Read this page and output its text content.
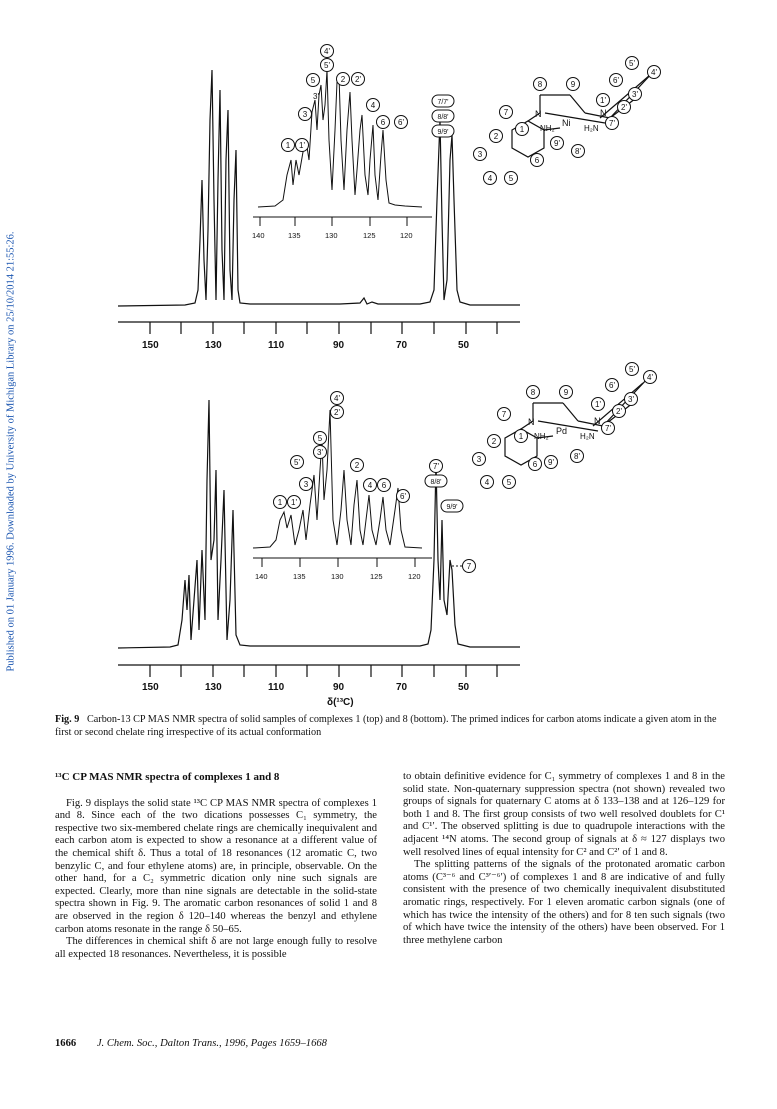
Published on 01 January 1996. Downloaded by University of Michigan Library on 25/10/2014 21:55:26.	150	130	110	90	70	50
140	135	130	125	120
4'
5'
5
3'
2 2'
3
4
6 6'
1 1'
7/7'
8/8'
9/9'
Ni
8	9
5'
4'
6'
3'
1'
2'
7
7'
2
1
3
6
9'
8'
4 5
N	N
NH₂	H₂N
150	130	110	90	70	50
δ(¹³C)
140	135	130	125	120
4'
2'
5
3'
5'	2
3	4 6
6'
1 1'
7'
8/8'
9/9'
7
Pd
8	9
5'
4'
6'
3'
1'
2'
7
7'
2
1
3
6 9'
8'
4 5
N	N
NH₂	H₂N
Fig. 9 Carbon-13 CP MAS NMR spectra of solid samples of complexes 1 (top) and 8 (bottom). The primed indices for carbon atoms indicate a given atom in the first or second chelate ring irrespective of its actual conformation
¹³C CP MAS NMR spectra of complexes 1 and 8

Fig. 9 displays the solid state ¹³C CP MAS NMR spectra of complexes 1 and 8. Since each of the two dications possesses C₁ symmetry, the respective two six-membered chelate rings are chemically inequivalent and each carbon atom is expected to show a resonance at a different value of the chemical shift δ. Thus a total of 18 resonances (12 aromatic C, two benzylic C, and four ethylene atoms) are, in principle, observable. On the other hand, for a C₂ symmetric dication only nine such signals are expected. Clearly, more than nine signals are detectable in the solid-state spectra shown in Fig. 9. The aromatic carbon resonances of solid 1 and 8 are observed in the region δ 120–140 whereas the benzyl and ethylene carbon atoms resonate in the range δ 50–65.

The differences in chemical shift δ are not large enough fully to resolve all expected 18 resonances. Nevertheless, it is possible

to obtain definitive evidence for C₁ symmetry of complexes 1 and 8 in the solid state. Non-quaternary suppression spectra (not shown) revealed two groups of signals for quaternary C atoms at δ 133–138 and at 126–129 for both 1 and 8. The first group consists of two well resolved doublets for C¹ and C¹′. The observed splitting is due to quadrupole interactions with the adjacent ¹⁴N atoms. The second group of signals at δ ≈ 127 displays two well resolved lines of equal intensity for C² and C²′ of 1 and 8.

The splitting patterns of the signals of the protonated aromatic carbon atoms (C³⁻⁶ and C³′⁻⁶′) of complexes 1 and 8 are indicative of and fully consistent with the presence of two chemically inequivalent disubstituted aromatic rings, respectively. For 1 eleven aromatic carbon signals (one of which has twice the intensity of the others) and for 8 ten such signals (two of which have twice the intensity of the others) have been observed. For 1 three methylene carbon

1666 J. Chem. Soc., Dalton Trans., 1996, Pages 1659–1668
